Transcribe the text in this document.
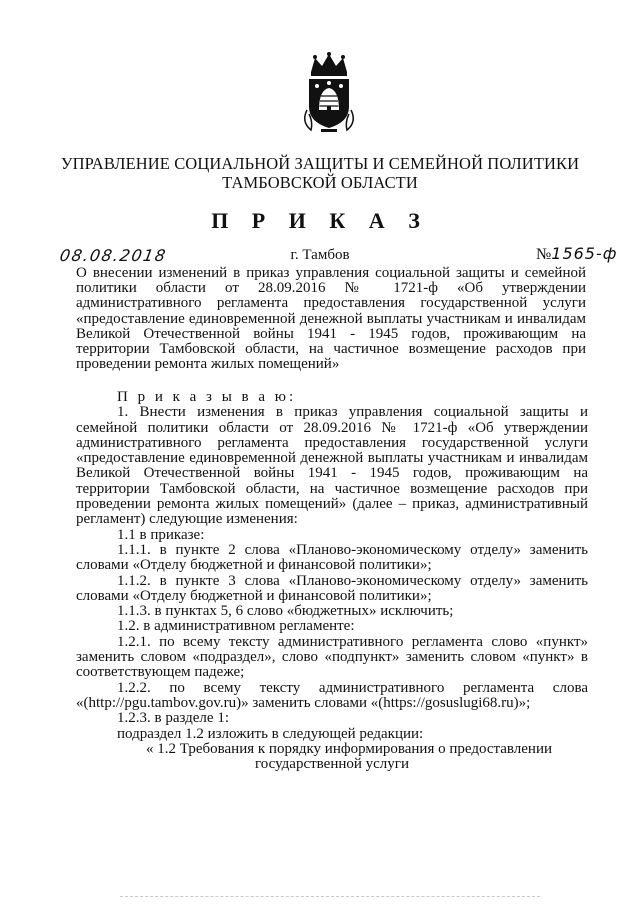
УПРАВЛЕНИЕ СОЦИАЛЬНОЙ ЗАЩИТЫ И СЕМЕЙНОЙ ПОЛИТИКИ
ТАМБОВСКОЙ ОБЛАСТИ
П Р И К А З
08.08.2018	г. Тамбов	№1565-ф
О внесении изменений в приказ управления социальной защиты и семейной политики области от 28.09.2016 № 1721-ф «Об утверждении административного регламента предоставления государственной услуги «предоставление единовременной денежной выплаты участникам и инвалидам Великой Отечественной войны 1941 - 1945 годов, проживающим на территории Тамбовской области, на частичное возмещение расходов при проведении ремонта жилых помещений»

П р и к а з ы в а ю:

1. Внести изменения в приказ управления социальной защиты и семейной политики области от 28.09.2016 № 1721-ф «Об утверждении административного регламента предоставления государственной услуги «предоставление единовременной денежной выплаты участникам и инвалидам Великой Отечественной войны 1941 - 1945 годов, проживающим на территории Тамбовской области, на частичное возмещение расходов при проведении ремонта жилых помещений» (далее – приказ, административный регламент) следующие изменения:

1.1 в приказе:

1.1.1. в пункте 2 слова «Планово-экономическому отделу» заменить словами «Отделу бюджетной и финансовой политики»;

1.1.2. в пункте 3 слова «Планово-экономическому отделу» заменить словами «Отделу бюджетной и финансовой политики»;

1.1.3. в пунктах 5, 6 слово «бюджетных» исключить;

1.2. в административном регламенте:

1.2.1. по всему тексту административного регламента слово «пункт» заменить словом «подраздел», слово «подпункт» заменить словом «пункт» в соответствующем падеже;

1.2.2. по всему тексту административного регламента слова «(http://pgu.tambov.gov.ru)» заменить словами «(https://gosuslugi68.ru)»;

1.2.3. в разделе 1:

подраздел 1.2 изложить в следующей редакции:

« 1.2 Требования к порядку информирования о предоставлении

государственной услуги
